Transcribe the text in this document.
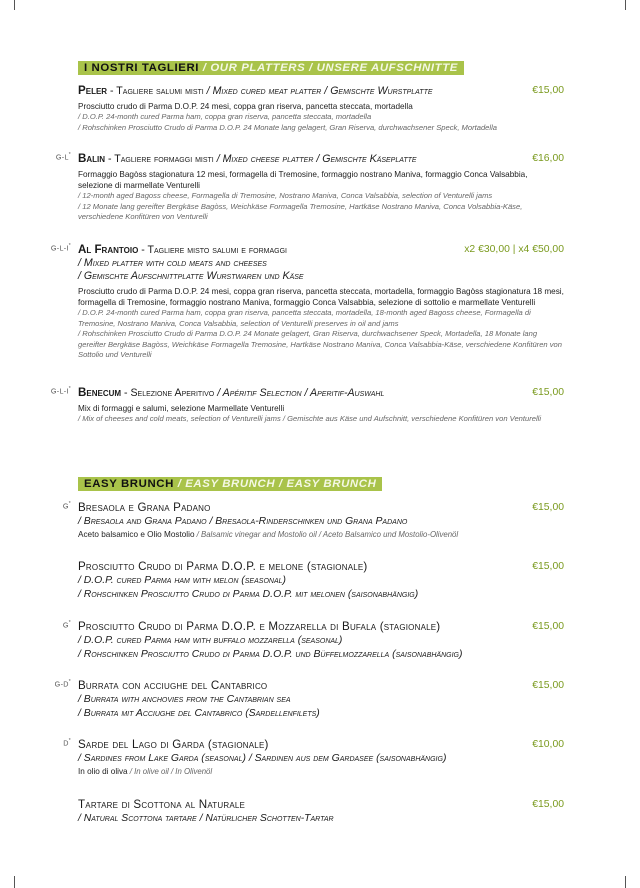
I NOSTRI TAGLIERI / OUR PLATTERS / UNSERE AUFSCHNITTE
Peler - Tagliere salumi misti / Mixed cured meat platter / Gemischte Wurstplatte	€15,00
Prosciutto crudo di Parma D.O.P. 24 mesi, coppa gran riserva, pancetta steccata, mortadella
/ D.O.P. 24-month cured Parma ham, coppa gran riserva, pancetta steccata, mortadella
/ Rohschinken Prosciutto Crudo di Parma D.O.P. 24 Monate lang gelagert, Gran Riserva, durchwachsener Speck, Mortadella
G-L* Balin - Tagliere formaggi misti / Mixed cheese platter / Gemischte Käseplatte	€16,00
Formaggio Bagòss stagionatura 12 mesi, formagella di Tremosine, formaggio nostrano Maniva, formaggio Conca Valsabbia, selezione di marmellate Venturelli
/ 12-month aged Bagoss cheese, Formagella di Tremosine, Nostrano Maniva, Conca Valsabbia, selection of Venturelli jams
/ 12 Monate lang gereifter Bergkäse Bagòss, Weichkäse Formagella Tremosine, Hartkäse Nostrano Maniva, Conca Volsabbia-Käse, verschiedene Konfitüren von Venturelli
G-L-I* Al Frantoio - Tagliere misto salumi e formaggi	x2 €30,00 | x4 €50,00
/ Mixed platter with cold meats and cheeses
/ Gemischte Aufschnittplatte Wurstwaren und Käse
Prosciutto crudo di Parma D.O.P. 24 mesi, coppa gran riserva, pancetta steccata, mortadella, formaggio Bagòss stagionatura 18 mesi, formagella di Tremosine, formaggio nostrano Maniva, formaggio Conca Valsabbia, selezione di sottolio e marmellate Venturelli
/ D.O.P. 24-month cured Parma ham, coppa gran riserva, pancetta steccata, mortadella, 18-month aged Bagoss cheese, Formagella di Tremosine, Nostrano Maniva, Conca Valsabbia, selection of Venturelli preserves in oil and jams
/ Rohschinken Prosciutto Crudo di Parma D.O.P. 24 Monate gelagert, Gran Riserva, durchwachsener Speck, Mortadella, 18 Monate lang gereifter Bergkäse Bagòss, Weichkäse Formagella Tremosine, Hartkäse Nostrano Maniva, Conca Valsabbia-Käse, verschiedene Konfitüren von Sottolio und Venturelli
G-L-I* Benecum - Selezione Aperitivo / Apéritif Selection / Aperitif-Auswahl	€15,00
Mix di formaggi e salumi, selezione Marmellate Venturelli
/ Mix of cheeses and cold meats, selection of Venturelli jams / Gemischte aus Käse und Aufschnitt, verschiedene Konfitüren von Venturelli
EASY BRUNCH / EASY BRUNCH / EASY BRUNCH
G* Bresaola e Grana Padano	€15,00
/ Bresaola and Grana Padano / Bresaola-Rinderschinken und Grana Padano
Aceto balsamico e Olio Mostolio / Balsamic vinegar and Mostolio oil / Aceto Balsamico und Mostolio-Olivenöl
Prosciutto Crudo di Parma D.O.P. e melone (stagionale)	€15,00
/ D.O.P. cured Parma ham with melon (seasonal)
/ Rohschinken Prosciutto Crudo di Parma D.O.P. mit melonen (saisonabhängig)
G* Prosciutto Crudo di Parma D.O.P. e Mozzarella di Bufala (stagionale)	€15,00
/ D.O.P. cured Parma ham with buffalo mozzarella (seasonal)
/ Rohschinken Prosciutto Crudo di Parma D.O.P. und Büffelmozzarella (saisonabhängig)
G-D* Burrata con acciughe del Cantabrico	€15,00
/ Burrata with anchovies from the Cantabrian sea
/ Burrata mit Acciughe del Cantabrico (Sardellenfilets)
D* Sarde del Lago di Garda (stagionale)	€10,00
/ Sardines from Lake Garda (seasonal) / Sardinen aus dem Gardasee (saisonabhängig)
In olio di oliva / In olive oil / In Olivenöl
Tartare di Scottona al Naturale	€15,00
/ Natural Scottona tartare / Natürlicher Schotten-Tartar
